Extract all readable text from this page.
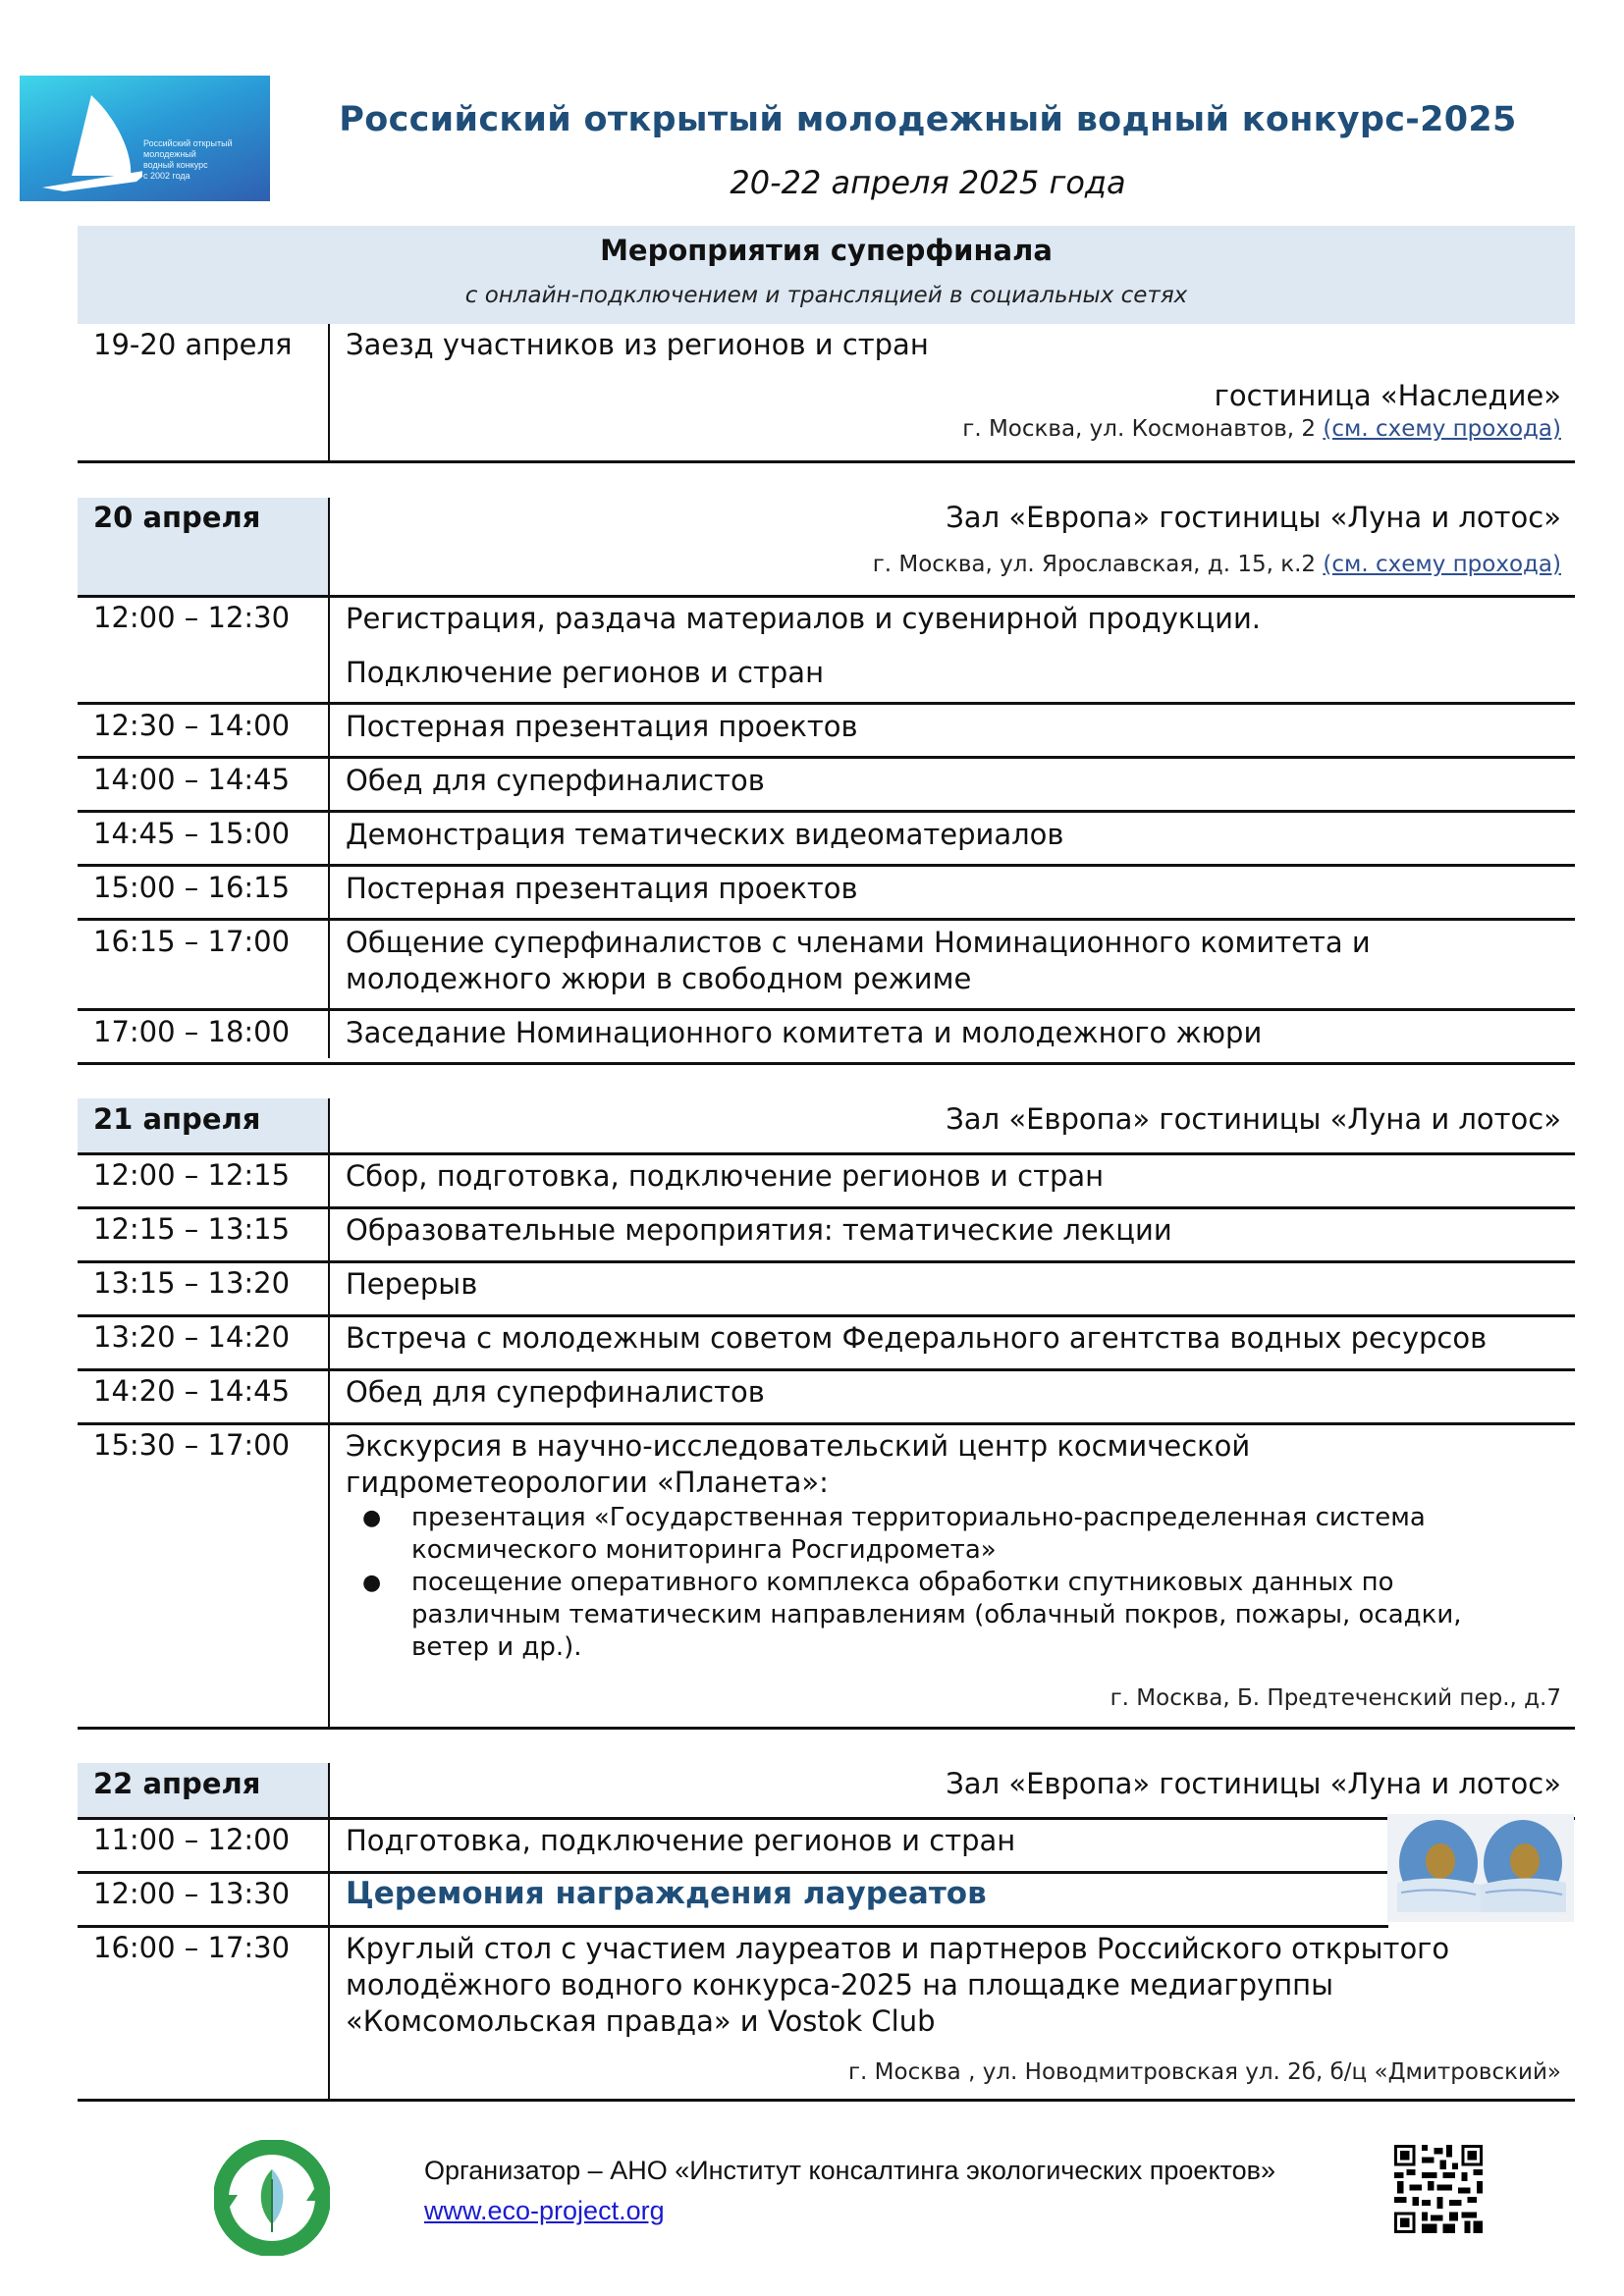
Российский открытый
молодежный
водный конкурс
с 2002 года
Российский открытый молодежный водный конкурс-2025
20-22 апреля 2025 года
Мероприятия суперфинала
с онлайн-подключением и трансляцией в социальных сетях
19-20 апреля Заезд участников из регионов и стран
гостиница «Наследие»
г. Москва, ул. Космонавтов, 2 (см. схему прохода)
20 апреля	Зал «Европа» гостиницы «Луна и лотос»
г. Москва, ул. Ярославская, д. 15, к.2 (см. схему прохода)
12:00 – 12:30 Регистрация, раздача материалов и сувенирной продукции.
Подключение регионов и стран
12:30 – 14:00 Постерная презентация проектов
14:00 – 14:45 Обед для суперфиналистов
14:45 – 15:00 Демонстрация тематических видеоматериалов
15:00 – 16:15 Постерная презентация проектов
16:15 – 17:00 Общение суперфиналистов с членами Номинационного комитета и
молодежного жюри в свободном режиме
17:00 – 18:00 Заседание Номинационного комитета и молодежного жюри
21 апреля	Зал «Европа» гостиницы «Луна и лотос»
12:00 – 12:15 Сбор, подготовка, подключение регионов и стран
12:15 – 13:15 Образовательные мероприятия: тематические лекции
13:15 – 13:20 Перерыв
13:20 – 14:20 Встреча с молодежным советом Федерального агентства водных ресурсов
14:20 – 14:45 Обед для суперфиналистов
15:30 – 17:00 Экскурсия в научно-исследовательский центр космической
гидрометеорологии «Планета»:
● презентация «Государственная территориально-распределенная система
космического мониторинга Росгидромета»
● посещение оперативного комплекса обработки спутниковых данных по
различным тематическим направлениям (облачный покров, пожары, осадки,
ветер и др.).
г. Москва, Б. Предтеченский пер., д.7
22 апреля	Зал «Европа» гостиницы «Луна и лотос»
11:00 – 12:00 Подготовка, подключение регионов и стран
12:00 – 13:30 Церемония награждения лауреатов
16:00 – 17:30 Круглый стол с участием лауреатов и партнеров Российского открытого
молодёжного водного конкурса-2025 на площадке медиагруппы
«Комсомольская правда» и Vostok Club
г. Москва , ул. Новодмитровская ул. 2б, б/ц «Дмитровский»
Организатор – АНО «Институт консалтинга экологических проектов»
www.eco-project.org
